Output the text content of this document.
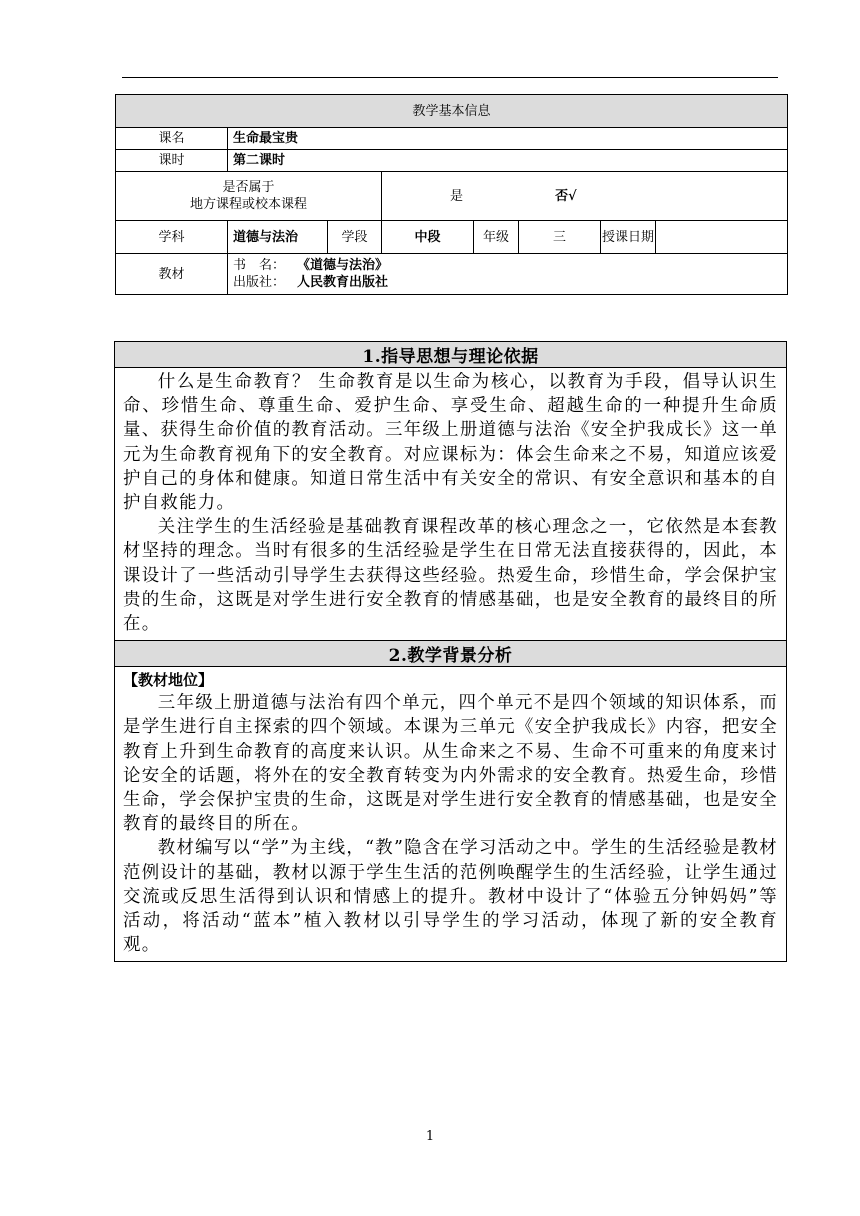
教学基本信息							
课名	生命最宝贵						
课时	第二课时						

是否属于
地方课程或校本课程			是 否√				
学科	道德与法治	学段	中段	年级	三	授课日期	
教材	书　名： 《道德与法治》
出版社： 人民教育出版社						
1.指导思想与理论依据

什么是生命教育？ 生命教育是以生命为核心，以教育为手段，倡导认识生命、珍惜生命、尊重生命、爱护生命、享受生命、超越生命的一种提升生命质量、获得生命价值的教育活动。三年级上册道德与法治《安全护我成长》这一单元为生命教育视角下的安全教育。对应课标为：体会生命来之不易，知道应该爱护自己的身体和健康。知道日常生活中有关安全的常识、有安全意识和基本的自护自救能力。

关注学生的生活经验是基础教育课程改革的核心理念之一，它依然是本套教材坚持的理念。当时有很多的生活经验是学生在日常无法直接获得的，因此，本课设计了一些活动引导学生去获得这些经验。热爱生命，珍惜生命，学会保护宝贵的生命，这既是对学生进行安全教育的情感基础，也是安全教育的最终目的所在。

2.教学背景分析

【教材地位】

三年级上册道德与法治有四个单元，四个单元不是四个领域的知识体系，而是学生进行自主探索的四个领域。本课为三单元《安全护我成长》内容，把安全教育上升到生命教育的高度来认识。从生命来之不易、生命不可重来的角度来讨论安全的话题，将外在的安全教育转变为内外需求的安全教育。热爱生命，珍惜生命，学会保护宝贵的生命，这既是对学生进行安全教育的情感基础，也是安全教育的最终目的所在。

教材编写以“学”为主线，“教”隐含在学习活动之中。学生的生活经验是教材范例设计的基础，教材以源于学生生活的范例唤醒学生的生活经验，让学生通过交流或反思生活得到认识和情感上的提升。教材中设计了“体验五分钟妈妈”等活动，将活动“蓝本”植入教材以引导学生的学习活动，体现了新的安全教育观。

1
